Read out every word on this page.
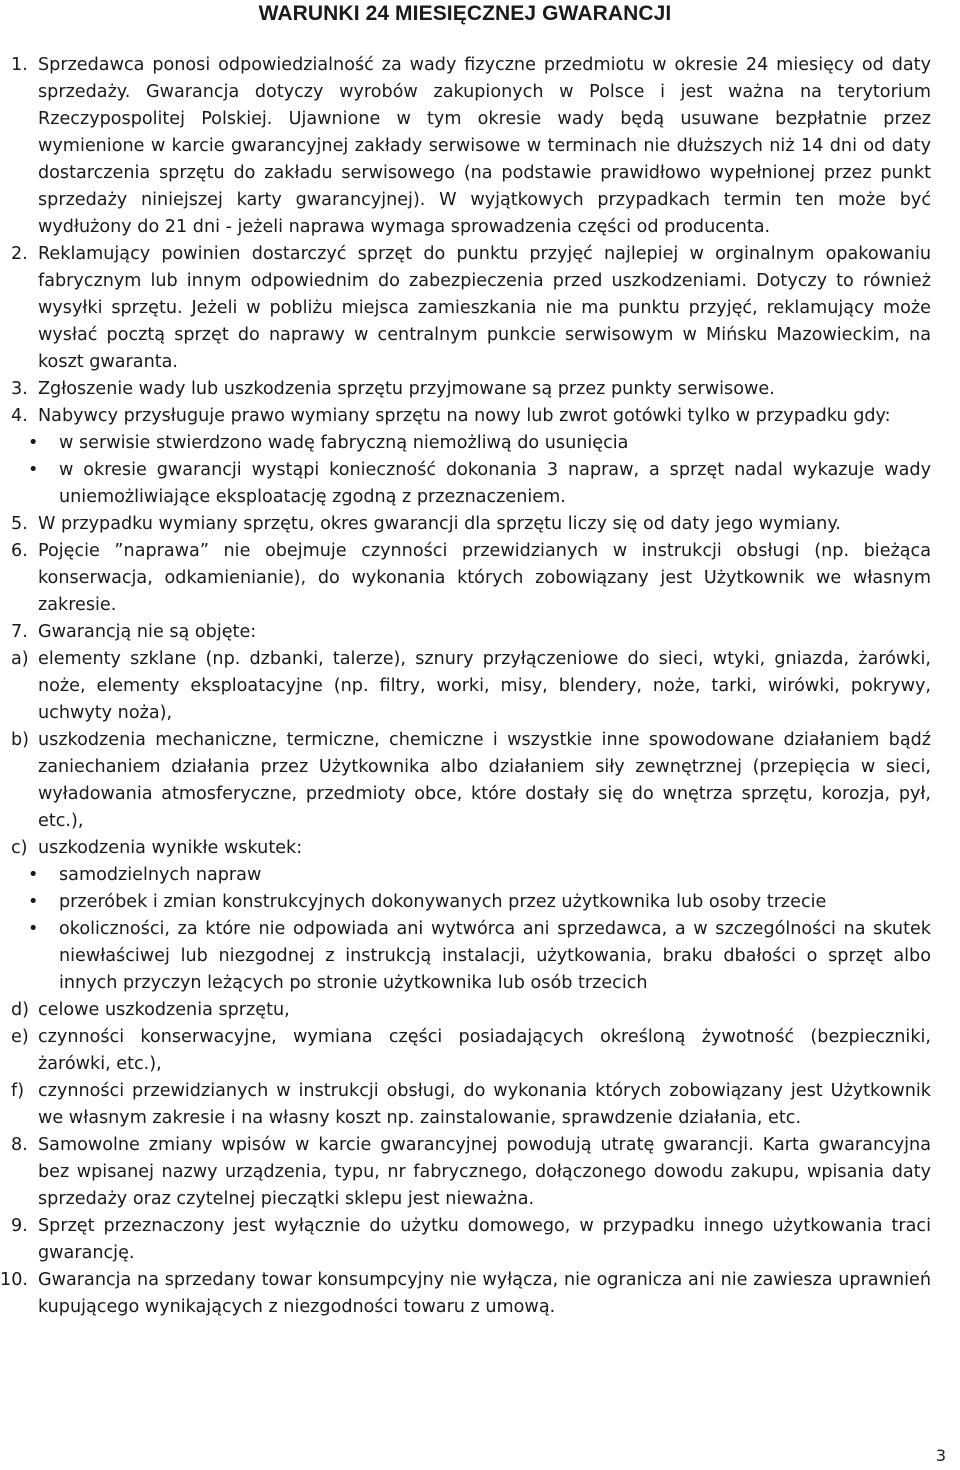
WARUNKI 24 MIESIĘCZNEJ GWARANCJI
1. Sprzedawca ponosi odpowiedzialność za wady fizyczne przedmiotu w okresie 24 miesięcy od daty sprzedaży. Gwarancja dotyczy wyrobów zakupionych w Polsce i jest ważna na terytorium Rzeczypospolitej Polskiej. Ujawnione w tym okresie wady będą usuwane bezpłatnie przez wymienione w karcie gwarancyjnej zakłady serwisowe w terminach nie dłuższych niż 14 dni od daty dostarczenia sprzętu do zakładu serwisowego (na podstawie prawidłowo wypełnionej przez punkt sprzedaży niniejszej karty gwarancyjnej). W wyjątkowych przypadkach termin ten może być wydłużony do 21 dni - jeżeli naprawa wymaga sprowadzenia części od producenta.
2. Reklamujący powinien dostarczyć sprzęt do punktu przyjęć najlepiej w orginalnym opakowaniu fabrycznym lub innym odpowiednim do zabezpieczenia przed uszkodzeniami. Dotyczy to również wysyłki sprzętu. Jeżeli w pobliżu miejsca zamieszkania nie ma punktu przyjęć, reklamujący może wysłać pocztą sprzęt do naprawy w centralnym punkcie serwisowym w Mińsku Mazowieckim, na koszt gwaranta.
3. Zgłoszenie wady lub uszkodzenia sprzętu przyjmowane są przez punkty serwisowe.
4. Nabywcy przysługuje prawo wymiany sprzętu na nowy lub zwrot gotówki tylko w przypadku gdy:
•	w serwisie stwierdzono wadę fabryczną niemożliwą do usunięcia
•	w okresie gwarancji wystąpi konieczność dokonania 3 napraw, a sprzęt nadal wykazuje wady uniemożliwiające eksploatację zgodną z przeznaczeniem.
5. W przypadku wymiany sprzętu, okres gwarancji dla sprzętu liczy się od daty jego wymiany.
6. Pojęcie ”naprawa” nie obejmuje czynności przewidzianych w instrukcji obsługi (np. bieżąca konserwacja, odkamienianie), do wykonania których zobowiązany jest Użytkownik we własnym zakresie.
7. Gwarancją nie są objęte:
a) elementy szklane (np. dzbanki, talerze), sznury przyłączeniowe do sieci, wtyki, gniazda, żarówki, noże, elementy eksploatacyjne (np. filtry, worki, misy, blendery, noże, tarki, wirówki, pokrywy, uchwyty noża),
b) uszkodzenia mechaniczne, termiczne, chemiczne i wszystkie inne spowodowane działaniem bądź zaniechaniem działania przez Użytkownika albo działaniem siły zewnętrznej (przepięcia w sieci, wyładowania atmosferyczne, przedmioty obce, które dostały się do wnętrza sprzętu, korozja, pył, etc.),
c) uszkodzenia wynikłe wskutek:
•	samodzielnych napraw
•	przeróbek i zmian konstrukcyjnych dokonywanych przez użytkownika lub osoby trzecie
•	okoliczności, za które nie odpowiada ani wytwórca ani sprzedawca, a w szczególności na skutek niewłaściwej lub niezgodnej z instrukcją instalacji, użytkowania, braku dbałości o sprzęt albo innych przyczyn leżących po stronie użytkownika lub osób trzecich
d) celowe uszkodzenia sprzętu,
e) czynności konserwacyjne, wymiana części posiadających określoną żywotność (bezpieczniki, żarówki, etc.),
f) czynności przewidzianych w instrukcji obsługi, do wykonania których zobowiązany jest Użytkownik we własnym zakresie i na własny koszt np. zainstalowanie, sprawdzenie działania, etc.
8. Samowolne zmiany wpisów w karcie gwarancyjnej powodują utratę gwarancji. Karta gwarancyjna bez wpisanej nazwy urządzenia, typu, nr fabrycznego, dołączonego dowodu zakupu, wpisania daty sprzedaży oraz czytelnej pieczątki sklepu jest nieważna.
9. Sprzęt przeznaczony jest wyłącznie do użytku domowego, w przypadku innego użytkowania traci gwarancję.
10. Gwarancja na sprzedany towar konsumpcyjny nie wyłącza, nie ogranicza ani nie zawiesza uprawnień kupującego wynikających z niezgodności towaru z umową.
3
